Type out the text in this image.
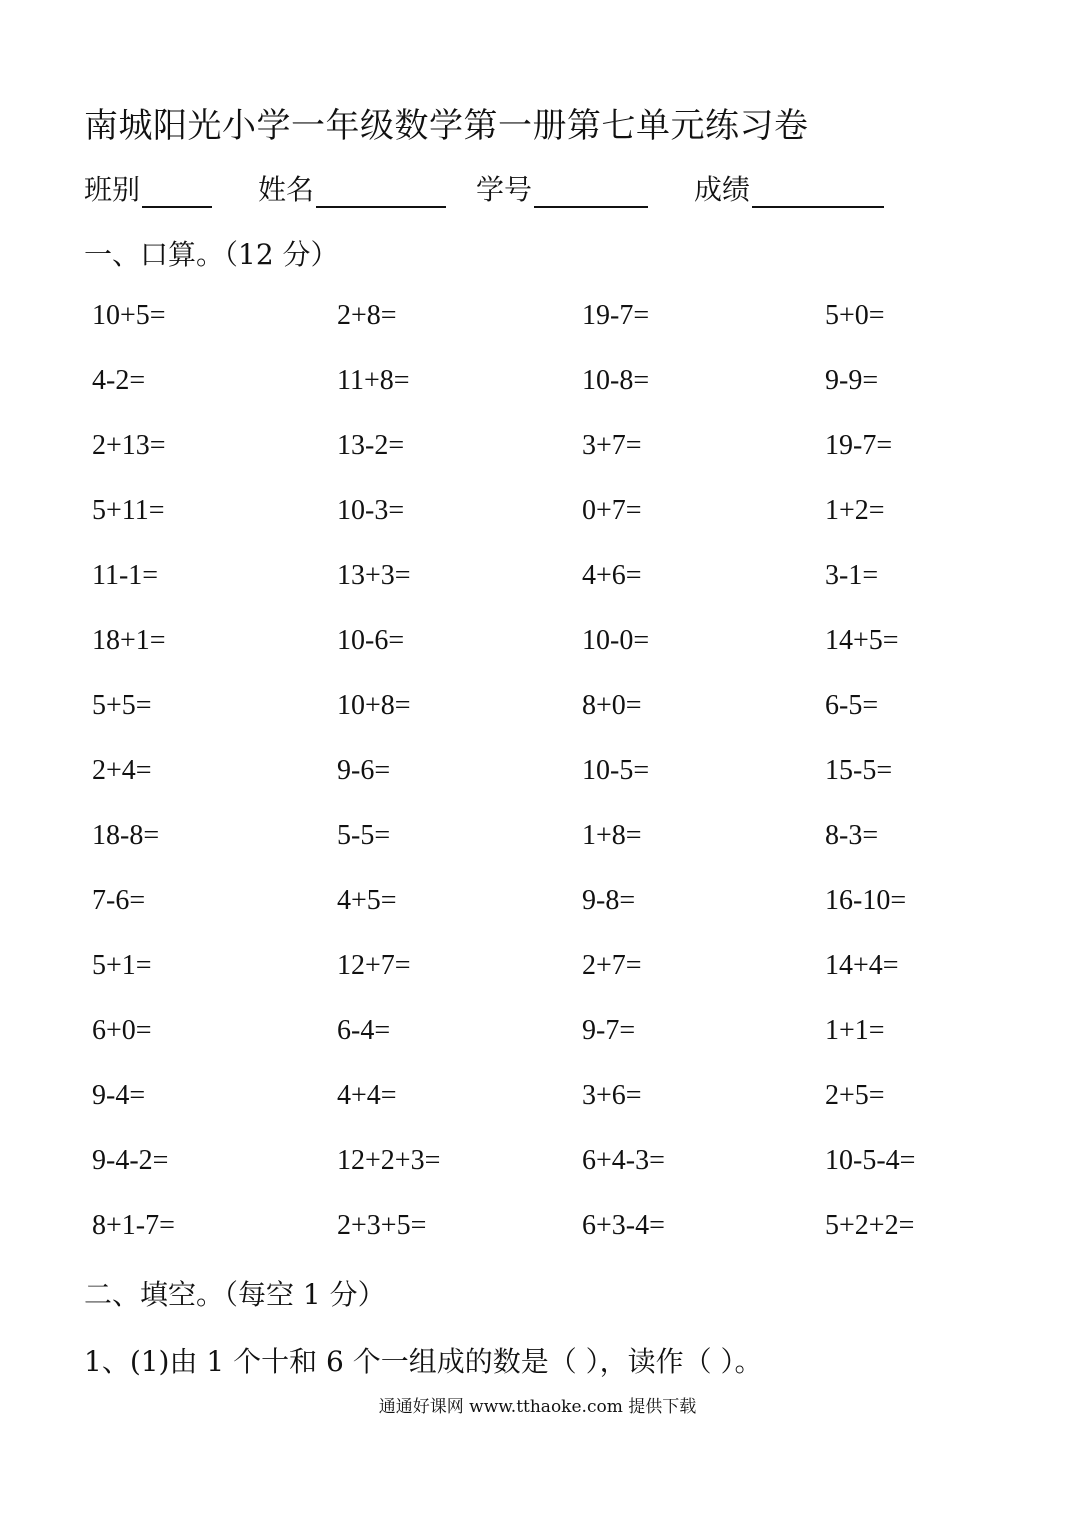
南城阳光小学一年级数学第一册第七单元练习卷
班别	姓名	学号	成绩
一、口算。（12 分）
10+5=	2+8=	19-7=	5+0=
4-2=	11+8=	10-8=	9-9=
2+13=	13-2=	3+7=	19-7=
5+11=	10-3=	0+7=	1+2=
11-1=	13+3=	4+6=	3-1=
18+1=	10-6=	10-0=	14+5=
5+5=	10+8=	8+0=	6-5=
2+4=	9-6=	10-5=	15-5=
18-8=	5-5=	1+8=	8-3=
7-6=	4+5=	9-8=	16-10=
5+1=	12+7=	2+7=	14+4=
6+0=	6-4=	9-7=	1+1=
9-4=	4+4=	3+6=	2+5=
9-4-2=	12+2+3=	6+4-3=	10-5-4=
8+1-7=	2+3+5=	6+3-4=	5+2+2=
二、填空。（每空 1 分）
1、(1)由 1 个十和 6 个一组成的数是（ ），读作（ ）。
通通好课网 www.tthaoke.com 提供下载
